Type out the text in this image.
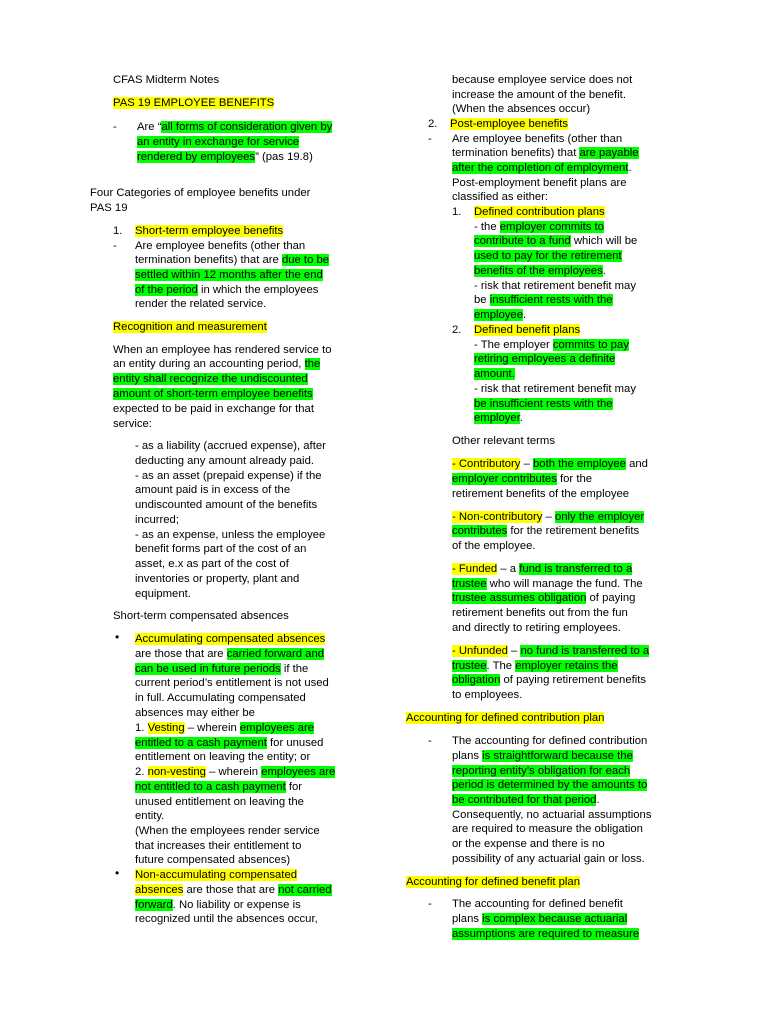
CFAS Midterm Notes
PAS 19 EMPLOYEE BENEFITS
- Are “all forms of consideration given by
an entity in exchange for service
rendered by employees” (pas 19.8)
Four Categories of employee benefits under
PAS 19
1. Short-term employee benefits
- Are employee benefits (other than
termination benefits) that are due to be
settled within 12 months after the end
of the period in which the employees
render the related service.
Recognition and measurement
When an employee has rendered service to
an entity during an accounting period, the
entity shall recognize the undiscounted
amount of short-term employee benefits
expected to be paid in exchange for that
service:
- as a liability (accrued expense), after
deducting any amount already paid.
- as an asset (prepaid expense) if the
amount paid is in excess of the
undiscounted amount of the benefits
incurred;
- as an expense, unless the employee
benefit forms part of the cost of an
asset, e.x as part of the cost of
inventories or property, plant and
equipment.
Short-term compensated absences
• Accumulating compensated absences
are those that are carried forward and
can be used in future periods if the
current period’s entitlement is not used
in full. Accumulating compensated
absences may either be
1. Vesting – wherein employees are
entitled to a cash payment for unused
entitlement on leaving the entity; or
2. non-vesting – wherein employees are
not entitled to a cash payment for
unused entitlement on leaving the
entity.
(When the employees render service
that increases their entitlement to
future compensated absences)
• Non-accumulating compensated
absences are those that are not carried
forward. No liability or expense is
recognized until the absences occur,
because employee service does not
increase the amount of the benefit.
(When the absences occur)
2. Post-employee benefits
- Are employee benefits (other than
termination benefits) that are payable
after the completion of employment.
Post-employment benefit plans are
classified as either:
1. Defined contribution plans
- the employer commits to
contribute to a fund which will be
used to pay for the retirement
benefits of the employees.
- risk that retirement benefit may
be insufficient rests with the
employee.
2. Defined benefit plans
- The employer commits to pay
retiring employees a definite
amount.
- risk that retirement benefit may
be insufficient rests with the
employer.
Other relevant terms
- Contributory – both the employee and
employer contributes for the
retirement benefits of the employee
- Non-contributory – only the employer
contributes for the retirement benefits
of the employee.
- Funded – a fund is transferred to a
trustee who will manage the fund. The
trustee assumes obligation of paying
retirement benefits out from the fun
and directly to retiring employees.
- Unfunded – no fund is transferred to a
trustee. The employer retains the
obligation of paying retirement benefits
to employees.
Accounting for defined contribution plan
- The accounting for defined contribution
plans is straightforward because the
reporting entity’s obligation for each
period is determined by the amounts to
be contributed for that period.
Consequently, no actuarial assumptions
are required to measure the obligation
or the expense and there is no
possibility of any actuarial gain or loss.
Accounting for defined benefit plan
- The accounting for defined benefit
plans is complex because actuarial
assumptions are required to measure
